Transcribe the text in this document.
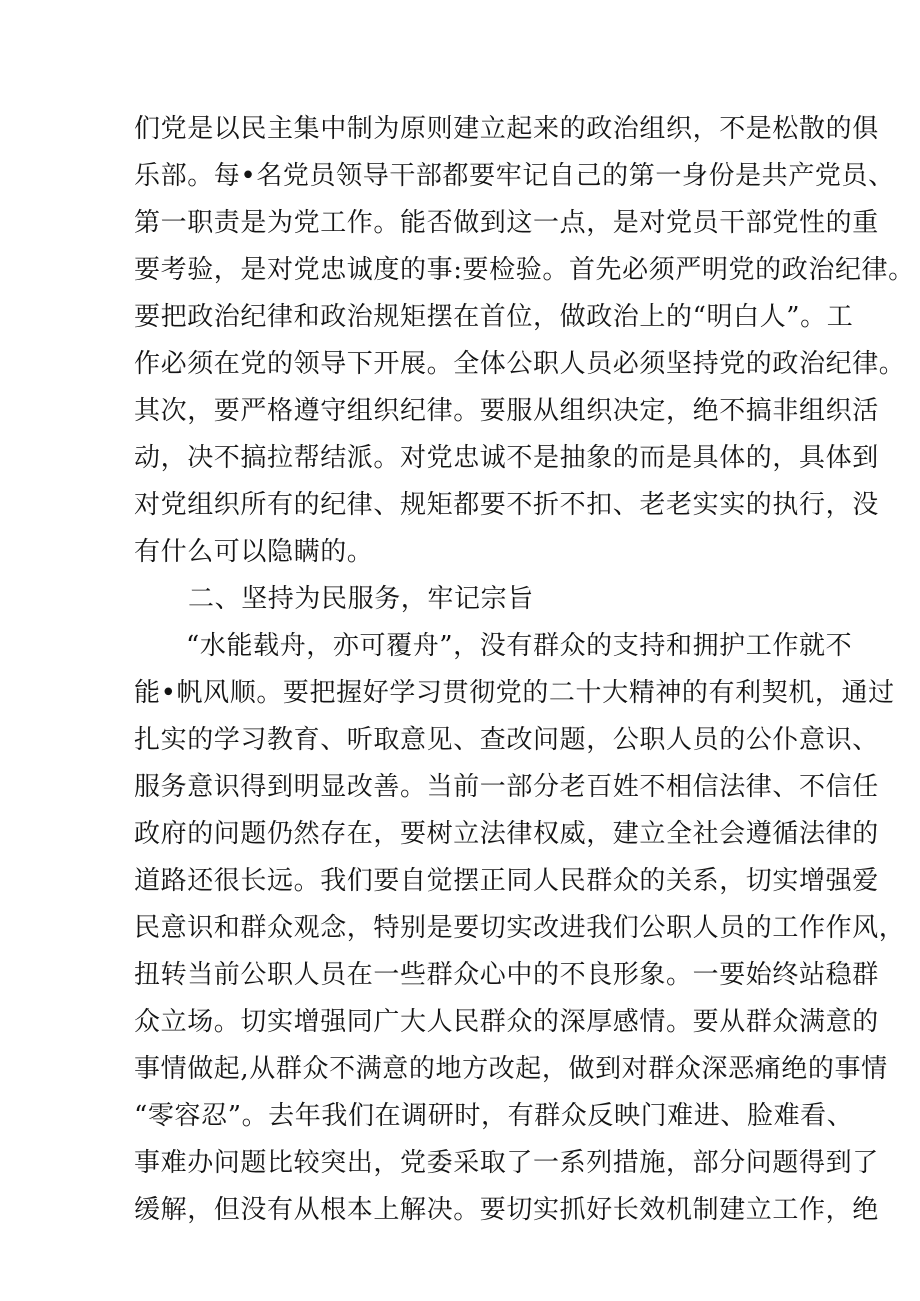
们党是以民主集中制为原则建立起来的政治组织，不是松散的俱
乐部。每•名党员领导干部都要牢记自己的第一身份是共产党员、
第一职责是为党工作。能否做到这一点，是对党员干部党性的重
要考验，是对党忠诚度的事:要检验。首先必须严明党的政治纪律。
要把政治纪律和政治规矩摆在首位，做政治上的“明白人”。工
作必须在党的领导下开展。全体公职人员必须坚持党的政治纪律。
其次，要严格遵守组织纪律。要服从组织决定，绝不搞非组织活
动，决不搞拉帮结派。对党忠诚不是抽象的而是具体的，具体到
对党组织所有的纪律、规矩都要不折不扣、老老实实的执行，没
有什么可以隐瞒的。
二、坚持为民服务，牢记宗旨
“水能载舟，亦可覆舟”，没有群众的支持和拥护工作就不
能•帆风顺。要把握好学习贯彻党的二十大精神的有利契机，通过
扎实的学习教育、听取意见、查改问题，公职人员的公仆意识、
服务意识得到明显改善。当前一部分老百姓不相信法律、不信任
政府的问题仍然存在，要树立法律权威，建立全社会遵循法律的
道路还很长远。我们要自觉摆正同人民群众的关系，切实增强爱
民意识和群众观念，特别是要切实改进我们公职人员的工作作风，
扭转当前公职人员在一些群众心中的不良形象。一要始终站稳群
众立场。切实增强同广大人民群众的深厚感情。要从群众满意的
事情做起,从群众不满意的地方改起，做到对群众深恶痛绝的事情
“零容忍”。去年我们在调研时，有群众反映门难进、脸难看、
事难办问题比较突出，党委采取了一系列措施，部分问题得到了
缓解，但没有从根本上解决。要切实抓好长效机制建立工作，绝
